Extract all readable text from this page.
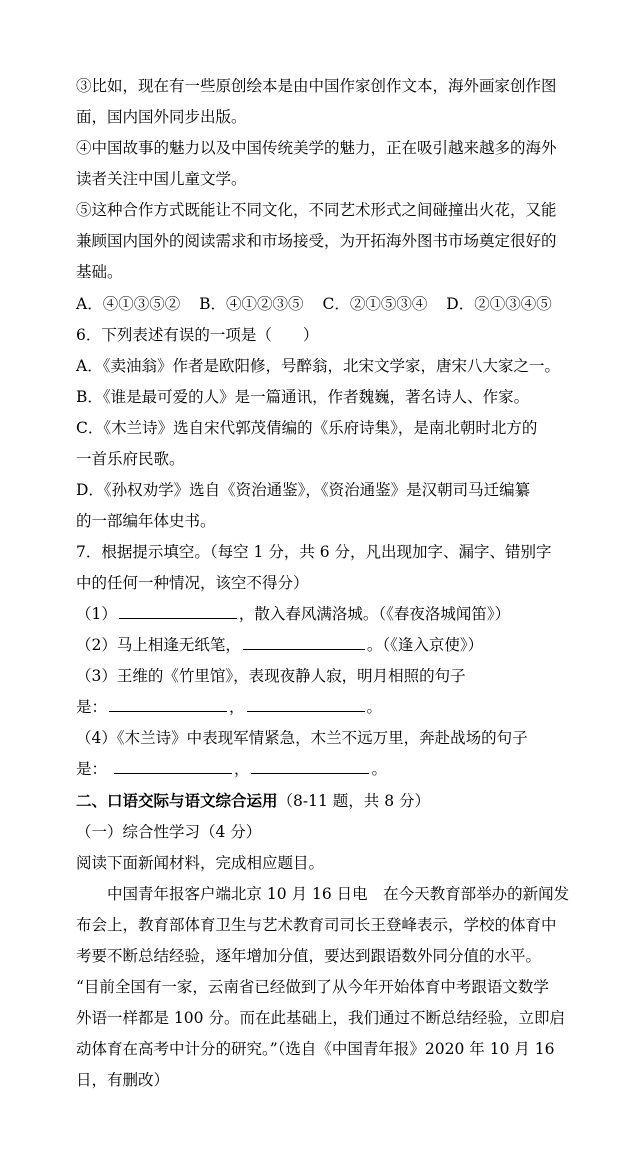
③比如，现在有一些原创绘本是由中国作家创作文本，海外画家创作图
面，国内国外同步出版。
④中国故事的魅力以及中国传统美学的魅力，正在吸引越来越多的海外
读者关注中国儿童文学。
⑤这种合作方式既能让不同文化，不同艺术形式之间碰撞出火花，又能
兼顾国内国外的阅读需求和市场接受，为开拓海外图书市场奠定很好的
基础。
A．④①③⑤② B．④①②③⑤ C．②①⑤③④ D．②①③④⑤
6．下列表述有误的一项是（　　）
A．《卖油翁》作者是欧阳修，号醉翁，北宋文学家，唐宋八大家之一。
B．《谁是最可爱的人》是一篇通讯，作者魏巍，著名诗人、作家。
C．《木兰诗》选自宋代郭茂倩编的《乐府诗集》，是南北朝时北方的
一首乐府民歌。
D．《孙权劝学》选自《资治通鉴》，《资治通鉴》是汉朝司马迁编纂
的一部编年体史书。
7．根据提示填空。（每空 1 分，共 6 分，凡出现加字、漏字、错别字
中的任何一种情况，该空不得分）
（1）	，散入春风满洛城。（《春夜洛城闻笛》）
（2）马上相逢无纸笔，	。（《逢入京使》）
（3）王维的《竹里馆》，表现夜静人寂，明月相照的句子
是：	，	。
（4）《木兰诗》中表现军情紧急，木兰不远万里，奔赴战场的句子
是：	，	。
二、口语交际与语文综合运用（8-11 题，共 8 分）
（一）综合性学习（4 分）
阅读下面新闻材料，完成相应题目。
　　中国青年报客户端北京 10 月 16 日电　在今天教育部举办的新闻发
布会上，教育部体育卫生与艺术教育司司长王登峰表示，学校的体育中
考要不断总结经验，逐年增加分值，要达到跟语数外同分值的水平。
“目前全国有一家，云南省已经做到了从今年开始体育中考跟语文数学
外语一样都是 100 分。而在此基础上，我们通过不断总结经验，立即启
动体育在高考中计分的研究。”（选自《中国青年报》2020 年 10 月 16
日，有删改）
